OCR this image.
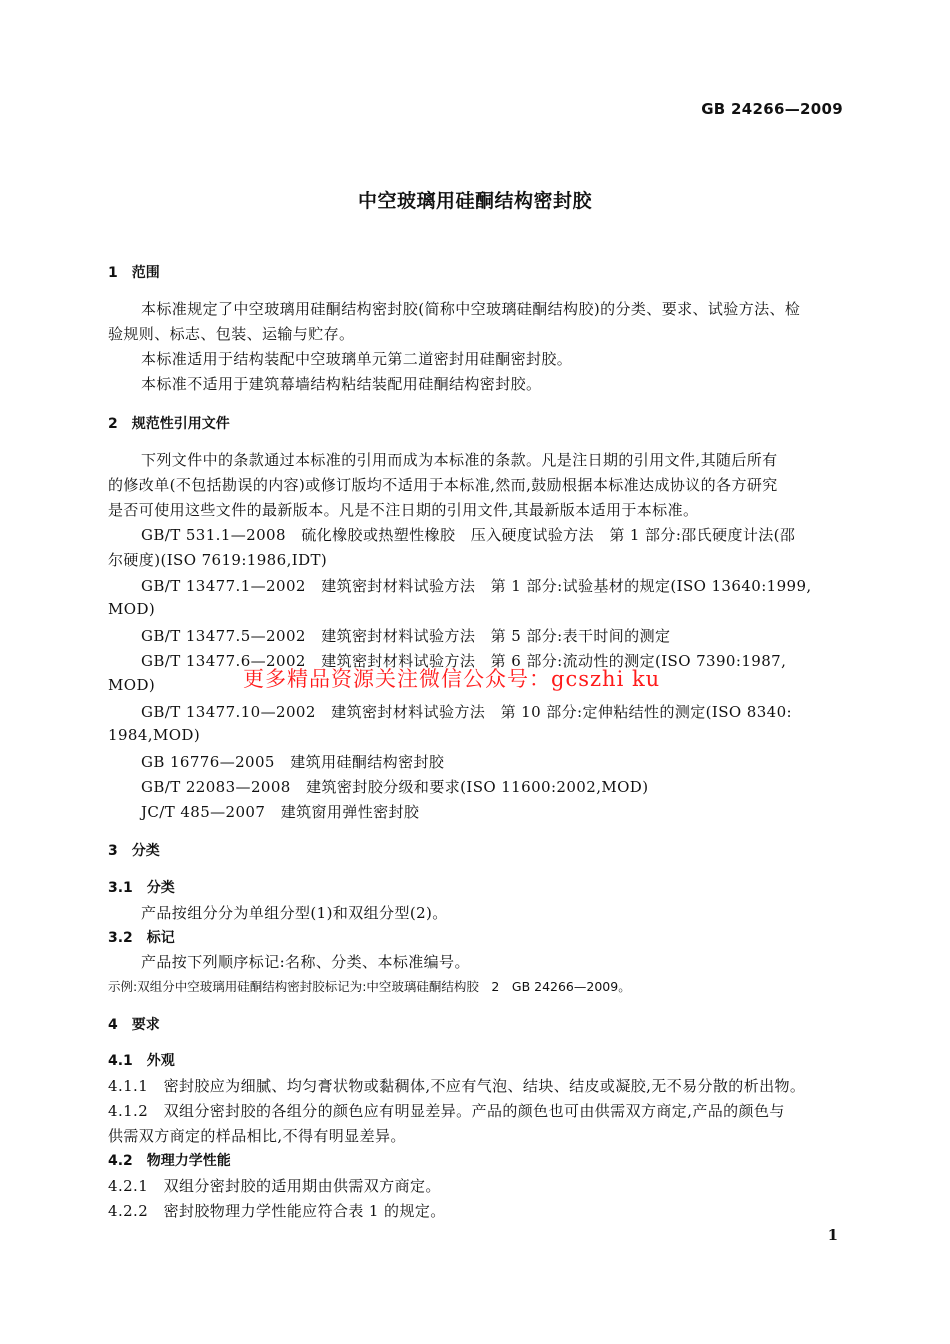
GB 24266—2009
中空玻璃用硅酮结构密封胶
1　范围
本标准规定了中空玻璃用硅酮结构密封胶(简称中空玻璃硅酮结构胶)的分类、要求、试验方法、检
验规则、标志、包装、运输与贮存。
本标准适用于结构装配中空玻璃单元第二道密封用硅酮密封胶。
本标准不适用于建筑幕墙结构粘结装配用硅酮结构密封胶。
2　规范性引用文件
下列文件中的条款通过本标准的引用而成为本标准的条款。凡是注日期的引用文件,其随后所有
的修改单(不包括勘误的内容)或修订版均不适用于本标准,然而,鼓励根据本标准达成协议的各方研究
是否可使用这些文件的最新版本。凡是不注日期的引用文件,其最新版本适用于本标准。
GB/T 531.1—2008　硫化橡胶或热塑性橡胶　压入硬度试验方法　第 1 部分:邵氏硬度计法(邵
尔硬度)(ISO 7619:1986,IDT)
GB/T 13477.1—2002　建筑密封材料试验方法　第 1 部分:试验基材的规定(ISO 13640:1999,
MOD)
GB/T 13477.5—2002　建筑密封材料试验方法　第 5 部分:表干时间的测定
GB/T 13477.6—2002　建筑密封材料试验方法　第 6 部分:流动性的测定(ISO 7390:1987,
MOD)
GB/T 13477.10—2002　建筑密封材料试验方法　第 10 部分:定伸粘结性的测定(ISO 8340:
1984,MOD)
GB 16776—2005　建筑用硅酮结构密封胶
GB/T 22083—2008　建筑密封胶分级和要求(ISO 11600:2002,MOD)
JC/T 485—2007　建筑窗用弹性密封胶
更多精品资源关注微信公众号：gcszhi ku
3　分类
3.1　分类
产品按组分分为单组分型(1)和双组分型(2)。
3.2　标记
产品按下列顺序标记:名称、分类、本标准编号。
示例:双组分中空玻璃用硅酮结构密封胶标记为:中空玻璃硅酮结构胶　2　GB 24266—2009。
4　要求
4.1　外观
4.1.1　密封胶应为细腻、均匀膏状物或黏稠体,不应有气泡、结块、结皮或凝胶,无不易分散的析出物。
4.1.2　双组分密封胶的各组分的颜色应有明显差异。产品的颜色也可由供需双方商定,产品的颜色与
供需双方商定的样品相比,不得有明显差异。
4.2　物理力学性能
4.2.1　双组分密封胶的适用期由供需双方商定。
4.2.2　密封胶物理力学性能应符合表 1 的规定。
1
